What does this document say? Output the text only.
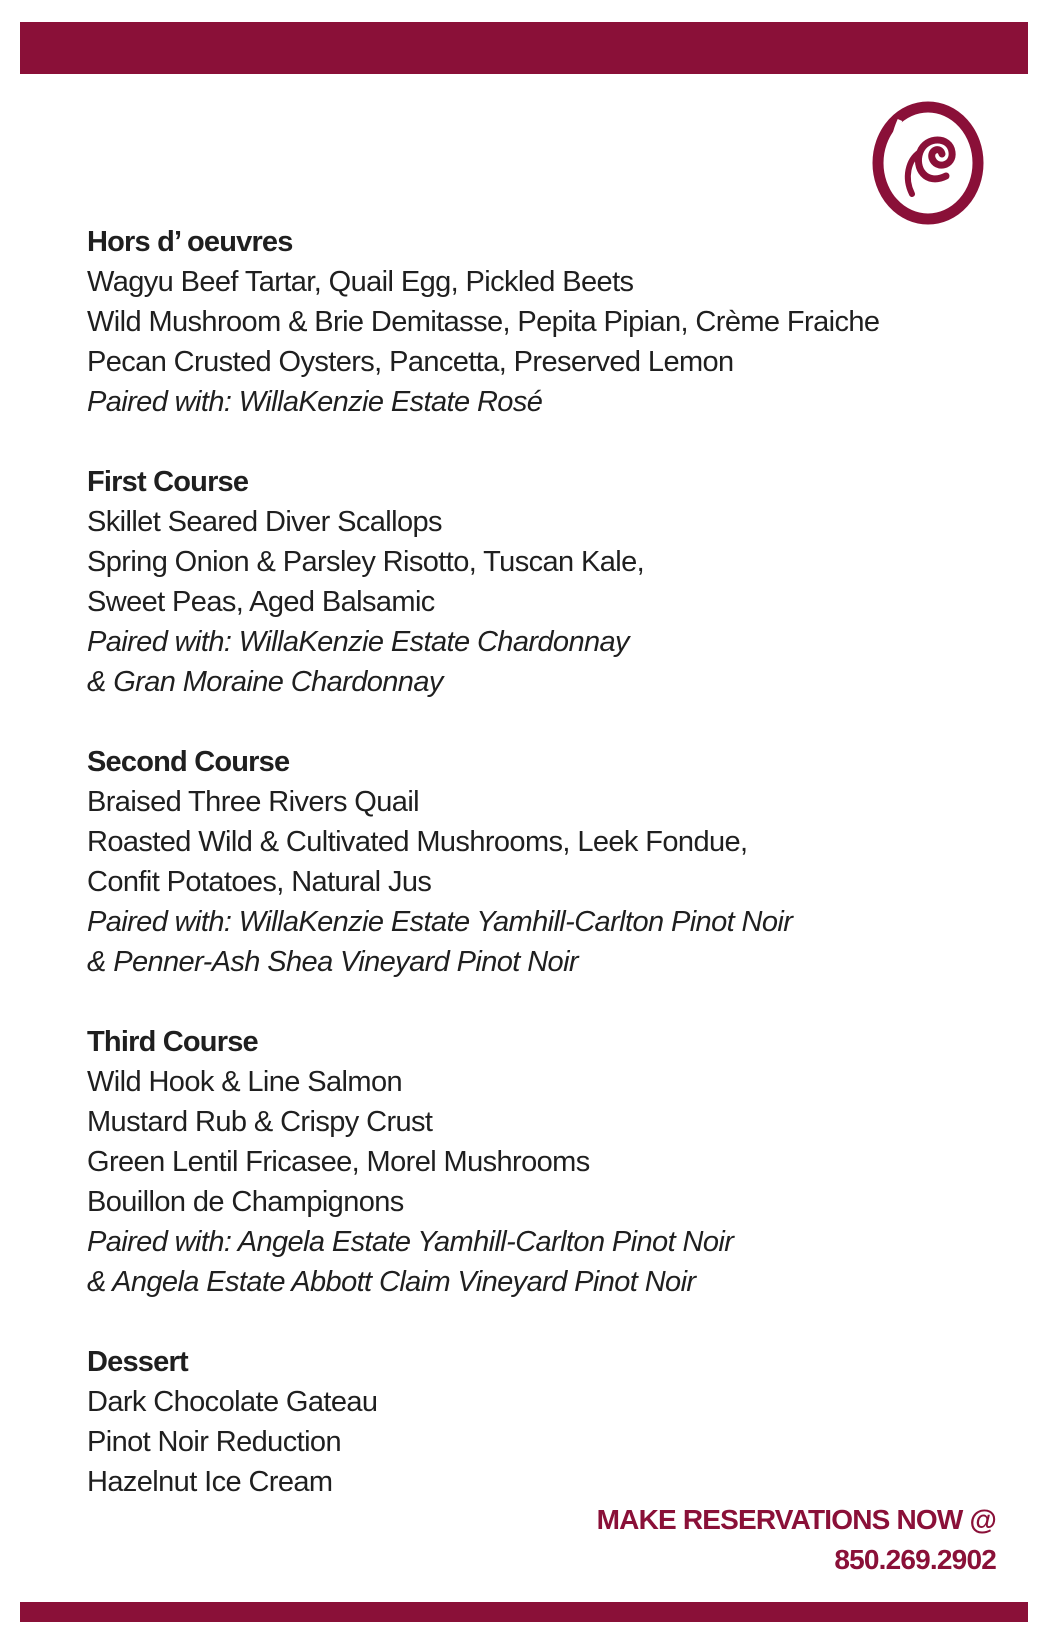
Hors d’ oeuvres
Wagyu Beef Tartar, Quail Egg, Pickled Beets
Wild Mushroom & Brie Demitasse, Pepita Pipian, Crème Fraiche
Pecan Crusted Oysters, Pancetta, Preserved Lemon
Paired with: WillaKenzie Estate Rosé
First Course
Skillet Seared Diver Scallops
Spring Onion & Parsley Risotto, Tuscan Kale,
Sweet Peas, Aged Balsamic
Paired with: WillaKenzie Estate Chardonnay
& Gran Moraine Chardonnay
Second Course
Braised Three Rivers Quail
Roasted Wild & Cultivated Mushrooms, Leek Fondue,
Confit Potatoes, Natural Jus
Paired with: WillaKenzie Estate Yamhill-Carlton Pinot Noir
& Penner-Ash Shea Vineyard Pinot Noir
Third Course
Wild Hook & Line Salmon
Mustard Rub & Crispy Crust
Green Lentil Fricasee, Morel Mushrooms
Bouillon de Champignons
Paired with: Angela Estate Yamhill-Carlton Pinot Noir
& Angela Estate Abbott Claim Vineyard Pinot Noir
Dessert
Dark Chocolate Gateau
Pinot Noir Reduction
Hazelnut Ice Cream
MAKE RESERVATIONS NOW @
850.269.2902
